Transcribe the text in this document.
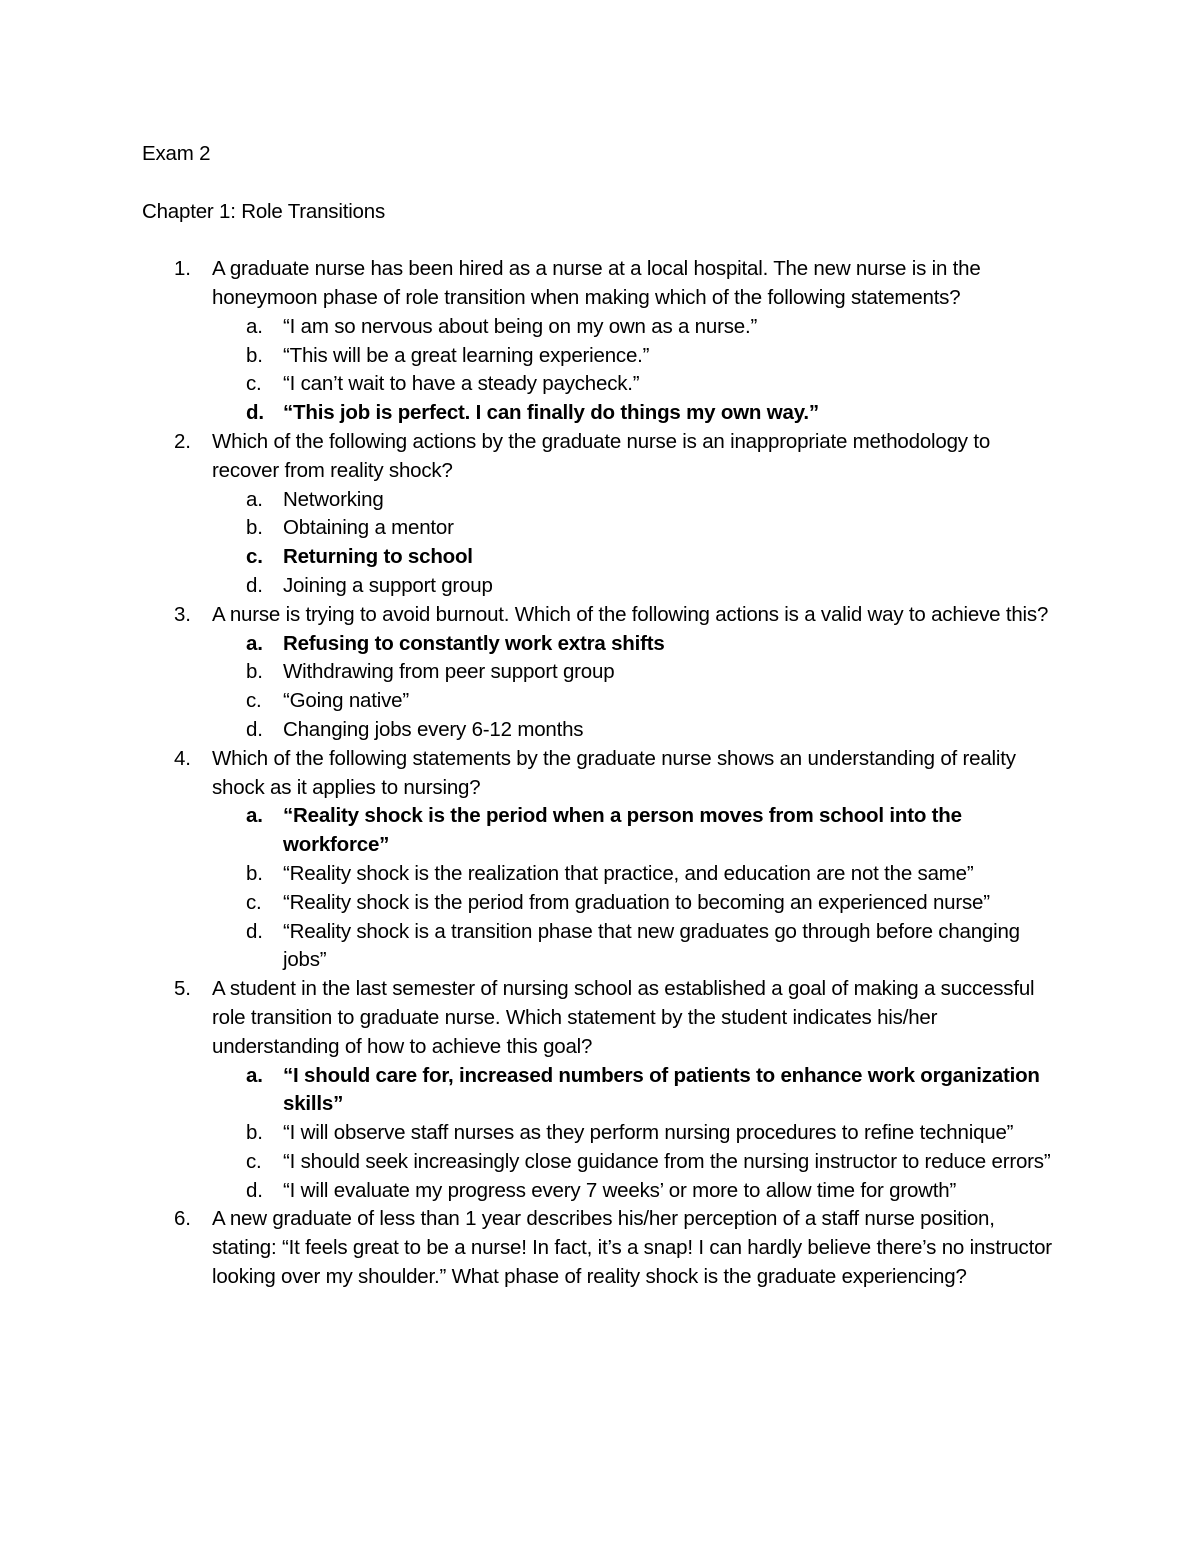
Exam 2
Chapter 1: Role Transitions
1. A graduate nurse has been hired as a nurse at a local hospital. The new nurse is in the honeymoon phase of role transition when making which of the following statements?
a. “I am so nervous about being on my own as a nurse.”
b. “This will be a great learning experience.”
c. “I can’t wait to have a steady paycheck.”
d. “This job is perfect. I can finally do things my own way.”
2. Which of the following actions by the graduate nurse is an inappropriate methodology to recover from reality shock?
a. Networking
b. Obtaining a mentor
c. Returning to school
d. Joining a support group
3. A nurse is trying to avoid burnout. Which of the following actions is a valid way to achieve this?
a. Refusing to constantly work extra shifts
b. Withdrawing from peer support group
c. “Going native”
d. Changing jobs every 6-12 months
4. Which of the following statements by the graduate nurse shows an understanding of reality shock as it applies to nursing?
a. “Reality shock is the period when a person moves from school into the workforce”
b. “Reality shock is the realization that practice, and education are not the same”
c. “Reality shock is the period from graduation to becoming an experienced nurse”
d. “Reality shock is a transition phase that new graduates go through before changing jobs”
5. A student in the last semester of nursing school as established a goal of making a successful role transition to graduate nurse. Which statement by the student indicates his/her understanding of how to achieve this goal?
a. “I should care for, increased numbers of patients to enhance work organization skills”
b. “I will observe staff nurses as they perform nursing procedures to refine technique”
c. “I should seek increasingly close guidance from the nursing instructor to reduce errors”
d. “I will evaluate my progress every 7 weeks’ or more to allow time for growth”
6. A new graduate of less than 1 year describes his/her perception of a staff nurse position, stating: “It feels great to be a nurse! In fact, it’s a snap! I can hardly believe there’s no instructor looking over my shoulder.” What phase of reality shock is the graduate experiencing?
